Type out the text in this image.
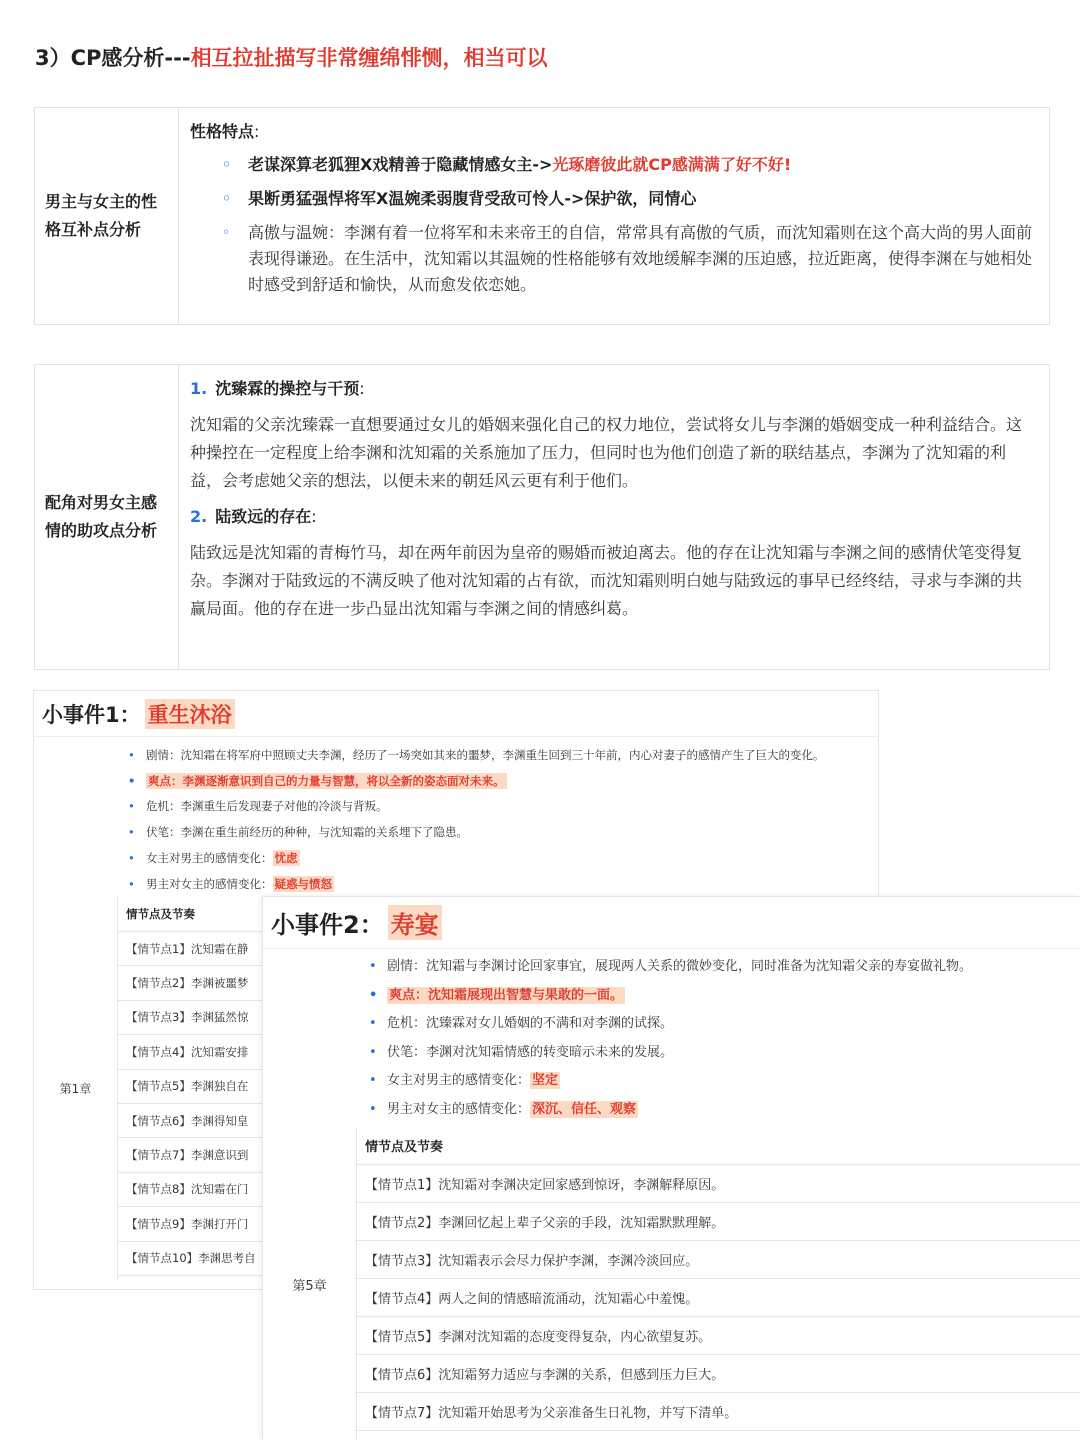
3）CP感分析---相互拉扯描写非常缠绵悱恻，相当可以
男主与女主的性格互补点分析
性格特点:
◦ 老谋深算老狐狸X戏精善于隐藏情感女主->光琢磨彼此就CP感满满了好不好!
◦ 果断勇猛强悍将军X温婉柔弱腹背受敌可怜人->保护欲，同情心
◦ 高傲与温婉：李渊有着一位将军和未来帝王的自信，常常具有高傲的气质，而沈知霜则在这个高大尚的男人面前表现得谦逊。在生活中，沈知霜以其温婉的性格能够有效地缓解李渊的压迫感，拉近距离，使得李渊在与她相处时感受到舒适和愉快，从而愈发依恋她。
配角对男女主感情的助攻点分析
1. 沈臻霖的操控与干预:

沈知霜的父亲沈臻霖一直想要通过女儿的婚姻来强化自己的权力地位，尝试将女儿与李渊的婚姻变成一种利益结合。这种操控在一定程度上给李渊和沈知霜的关系施加了压力，但同时也为他们创造了新的联结基点，李渊为了沈知霜的利益，会考虑她父亲的想法，以便未来的朝廷风云更有利于他们。

2. 陆致远的存在:

陆致远是沈知霜的青梅竹马，却在两年前因为皇帝的赐婚而被迫离去。他的存在让沈知霜与李渊之间的感情伏笔变得复杂。李渊对于陆致远的不满反映了他对沈知霜的占有欲，而沈知霜则明白她与陆致远的事早已经终结，寻求与李渊的共赢局面。他的存在进一步凸显出沈知霜与李渊之间的情感纠葛。

小事件1： 重生沐浴
• 剧情：沈知霜在将军府中照顾丈夫李渊，经历了一场突如其来的噩梦，李渊重生回到三十年前，内心对妻子的感情产生了巨大的变化。
• 爽点：李渊逐渐意识到自己的力量与智慧，将以全新的姿态面对未来。
• 危机：李渊重生后发现妻子对他的冷淡与背叛。
• 伏笔：李渊在重生前经历的种种，与沈知霜的关系埋下了隐患。
• 女主对男主的感情变化： 忧虑
• 男主对女主的感情变化： 疑惑与愤怒
第1章
情节点及节奏
【情节点1】沈知霜在静
【情节点2】李渊被噩梦
【情节点3】李渊猛然惊
【情节点4】沈知霜安排
【情节点5】李渊独自在
【情节点6】李渊得知皇
【情节点7】李渊意识到
【情节点8】沈知霜在门
【情节点9】李渊打开门
【情节点10】李渊思考自
小事件2： 寿宴
• 剧情：沈知霜与李渊讨论回家事宜，展现两人关系的微妙变化，同时准备为沈知霜父亲的寿宴做礼物。
• 爽点：沈知霜展现出智慧与果敢的一面。
• 危机：沈臻霖对女儿婚姻的不满和对李渊的试探。
• 伏笔：李渊对沈知霜情感的转变暗示未来的发展。
• 女主对男主的感情变化： 坚定
• 男主对女主的感情变化： 深沉、信任、观察
第5章
情节点及节奏
【情节点1】沈知霜对李渊决定回家感到惊讶，李渊解释原因。
【情节点2】李渊回忆起上辈子父亲的手段，沈知霜默默理解。
【情节点3】沈知霜表示会尽力保护李渊，李渊冷淡回应。
【情节点4】两人之间的情感暗流涌动，沈知霜心中羞愧。
【情节点5】李渊对沈知霜的态度变得复杂，内心欲望复苏。
【情节点6】沈知霜努力适应与李渊的关系，但感到压力巨大。
【情节点7】沈知霜开始思考为父亲准备生日礼物，并写下清单。
